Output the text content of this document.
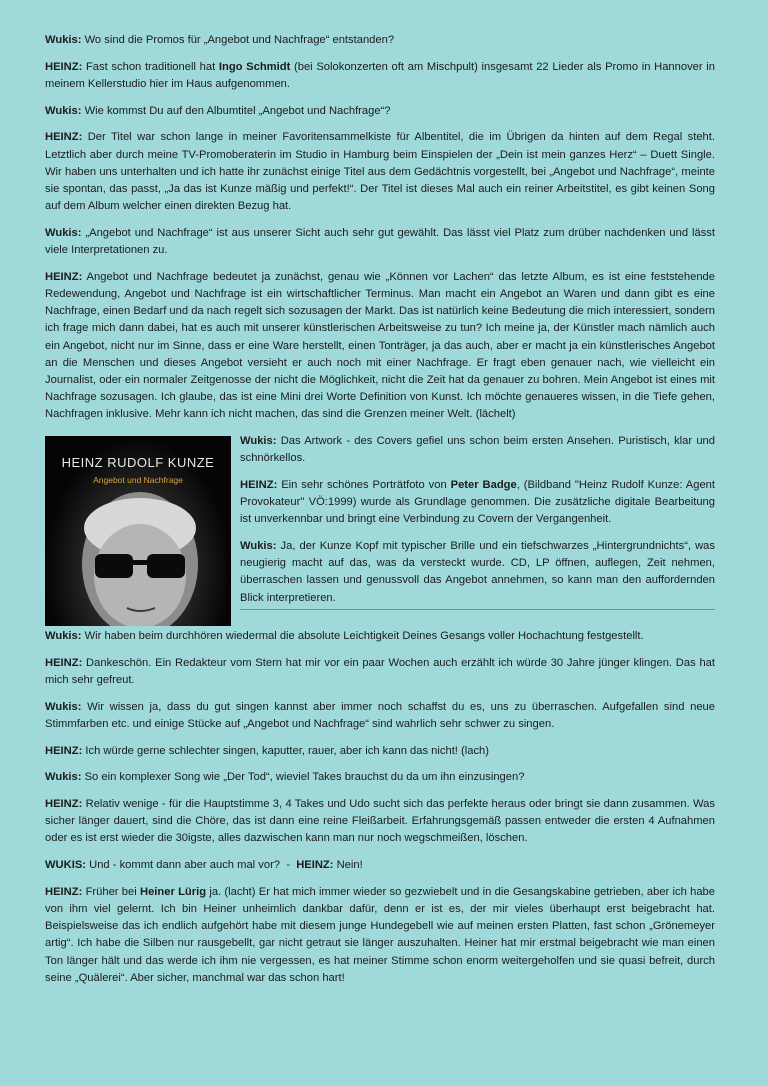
Wukis: Wo sind die Promos für „Angebot und Nachfrage“ entstanden?

HEINZ: Fast schon traditionell hat Ingo Schmidt (bei Solokonzerten oft am Mischpult) insgesamt 22 Lieder als Promo in Hannover in meinem Kellerstudio hier im Haus aufgenommen.

Wukis: Wie kommst Du auf den Albumtitel „Angebot und Nachfrage“?

HEINZ: Der Titel war schon lange in meiner Favoritensammelkiste für Albentitel, die im Übrigen da hinten auf dem Regal steht. Letztlich aber durch meine TV-Promoberaterin im Studio in Hamburg beim Einspielen der „Dein ist mein ganzes Herz“ – Duett Single. Wir haben uns unterhalten und ich hatte ihr zunächst einige Titel aus dem Gedächtnis vorgestellt, bei „Angebot und Nachfrage“, meinte sie spontan, das passt, „Ja das ist Kunze mäßig und perfekt!“. Der Titel ist dieses Mal auch ein reiner Arbeitstitel, es gibt keinen Song auf dem Album welcher einen direkten Bezug hat.

Wukis: „Angebot und Nachfrage“ ist aus unserer Sicht auch sehr gut gewählt. Das lässt viel Platz zum drüber nachdenken und lässt viele Interpretationen zu.

HEINZ: Angebot und Nachfrage bedeutet ja zunächst, genau wie „Können vor Lachen“ das letzte Album, es ist eine feststehende Redewendung, Angebot und Nachfrage ist ein wirtschaftlicher Terminus. Man macht ein Angebot an Waren und dann gibt es eine Nachfrage, einen Bedarf und da nach regelt sich sozusagen der Markt. Das ist natürlich keine Bedeutung die mich interessiert, sondern ich frage mich dann dabei, hat es auch mit unserer künstlerischen Arbeitsweise zu tun? Ich meine ja, der Künstler mach nämlich auch ein Angebot, nicht nur im Sinne, dass er eine Ware herstellt, einen Tonträger, ja das auch, aber er macht ja ein künstlerisches Angebot an die Menschen und dieses Angebot versieht er auch noch mit einer Nachfrage. Er fragt eben genauer nach, wie vielleicht ein Journalist, oder ein normaler Zeitgenosse der nicht die Möglichkeit, nicht die Zeit hat da genauer zu bohren. Mein Angebot ist eines mit Nachfrage sozusagen. Ich glaube, das ist eine Mini drei Worte Definition von Kunst. Ich möchte genaueres wissen, in die Tiefe gehen, Nachfragen inklusive. Mehr kann ich nicht machen, das sind die Grenzen meiner Welt. (lächelt)

HEINZ RUDOLF KUNZE
Angebot und Nachfrage

Wukis: Das Artwork - des Covers gefiel uns schon beim ersten Ansehen. Puristisch, klar und schnörkellos.

HEINZ: Ein sehr schönes Porträtfoto von Peter Badge, (Bildband "Heinz Rudolf Kunze: Agent Provokateur" VÖ:1999) wurde als Grundlage genommen. Die zusätzliche digitale Bearbeitung ist unverkennbar und bringt eine Verbindung zu Covern der Vergangenheit.

Wukis: Ja, der Kunze Kopf mit typischer Brille und ein tiefschwarzes „Hintergrundnichts“, was neugierig macht auf das, was da versteckt wurde. CD, LP öffnen, auflegen, Zeit nehmen, überraschen lassen und genussvoll das Angebot annehmen, so kann man den auffordernden Blick interpretieren.

Wukis: Wir haben beim durchhören wiedermal die absolute Leichtigkeit Deines Gesangs voller Hochachtung festgestellt.

HEINZ: Dankeschön. Ein Redakteur vom Stern hat mir vor ein paar Wochen auch erzählt ich würde 30 Jahre jünger klingen. Das hat mich sehr gefreut.

Wukis: Wir wissen ja, dass du gut singen kannst aber immer noch schaffst du es, uns zu überraschen. Aufgefallen sind neue Stimmfarben etc. und einige Stücke auf „Angebot und Nachfrage“ sind wahrlich sehr schwer zu singen.

HEINZ: Ich würde gerne schlechter singen, kaputter, rauer, aber ich kann das nicht! (lach)

Wukis: So ein komplexer Song wie „Der Tod“, wieviel Takes brauchst du da um ihn einzusingen?

HEINZ: Relativ wenige - für die Hauptstimme 3, 4 Takes und Udo sucht sich das perfekte heraus oder bringt sie dann zusammen. Was sicher länger dauert, sind die Chöre, das ist dann eine reine Fleißarbeit. Erfahrungsgemäß passen entweder die ersten 4 Aufnahmen oder es ist erst wieder die 30igste, alles dazwischen kann man nur noch wegschmeißen, löschen.

WUKIS: Und - kommt dann aber auch mal vor?  -  HEINZ: Nein!

HEINZ: Früher bei Heiner Lürig ja. (lacht) Er hat mich immer wieder so gezwiebelt und in die Gesangskabine getrieben, aber ich habe von ihm viel gelernt. Ich bin Heiner unheimlich dankbar dafür, denn er ist es, der mir vieles überhaupt erst beigebracht hat. Beispielsweise das ich endlich aufgehört habe mit diesem junge Hundegebell wie auf meinen ersten Platten, fast schon „Grönemeyer artig“. Ich habe die Silben nur rausgebellt, gar nicht getraut sie länger auszuhalten. Heiner hat mir erstmal beigebracht wie man einen Ton länger hält und das werde ich ihm nie vergessen, es hat meiner Stimme schon enorm weitergeholfen und sie quasi befreit, durch seine „Quälerei“. Aber sicher, manchmal war das schon hart!
